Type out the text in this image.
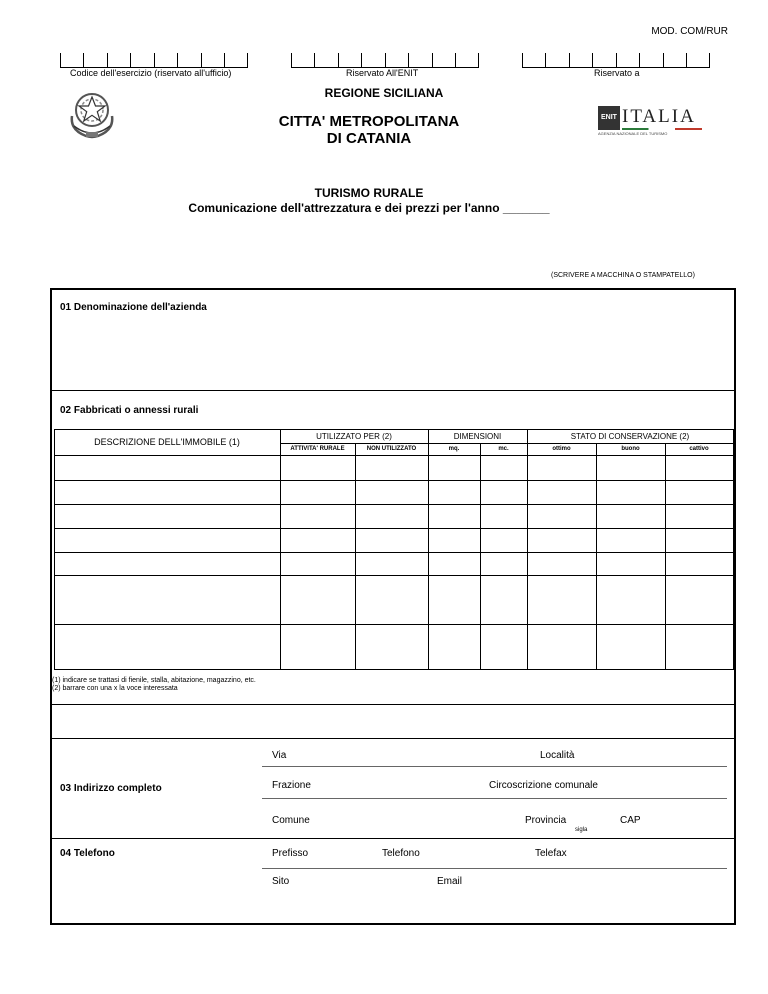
MOD. COM/RUR
Codice dell'esercizio (riservato all'ufficio)	Riservato All'ENIT	Riservato a
REGIONE SICILIANA
CITTA' METROPOLITANA
DI CATANIA
ENIT ITALIA
AGENZIA NAZIONALE DEL TURISMO
TURISMO RURALE
Comunicazione dell'attrezzatura e dei prezzi per l'anno _______
(SCRIVERE A MACCHINA O STAMPATELLO)
01 Denominazione dell'azienda
02 Fabbricati o annessi rurali
DESCRIZIONE DELL'IMMOBILE (1)
UTILIZZATO PER (2)	DIMENSIONI	STATO DI CONSERVAZIONE (2)
ATTIVITA' RURALE	NON UTILIZZATO	mq.	mc.	ottimo	buono	cattivo
(1) indicare se trattasi di fienile, stalla, abitazione, magazzino, etc.
(2) barrare con una x la voce interessata
03 Indirizzo completo
Via	Località
Frazione	Circoscrizione comunale
Comune	Provincia	CAP
sigla
04 Telefono	Prefisso	Telefono	Telefax
Sito	Email
